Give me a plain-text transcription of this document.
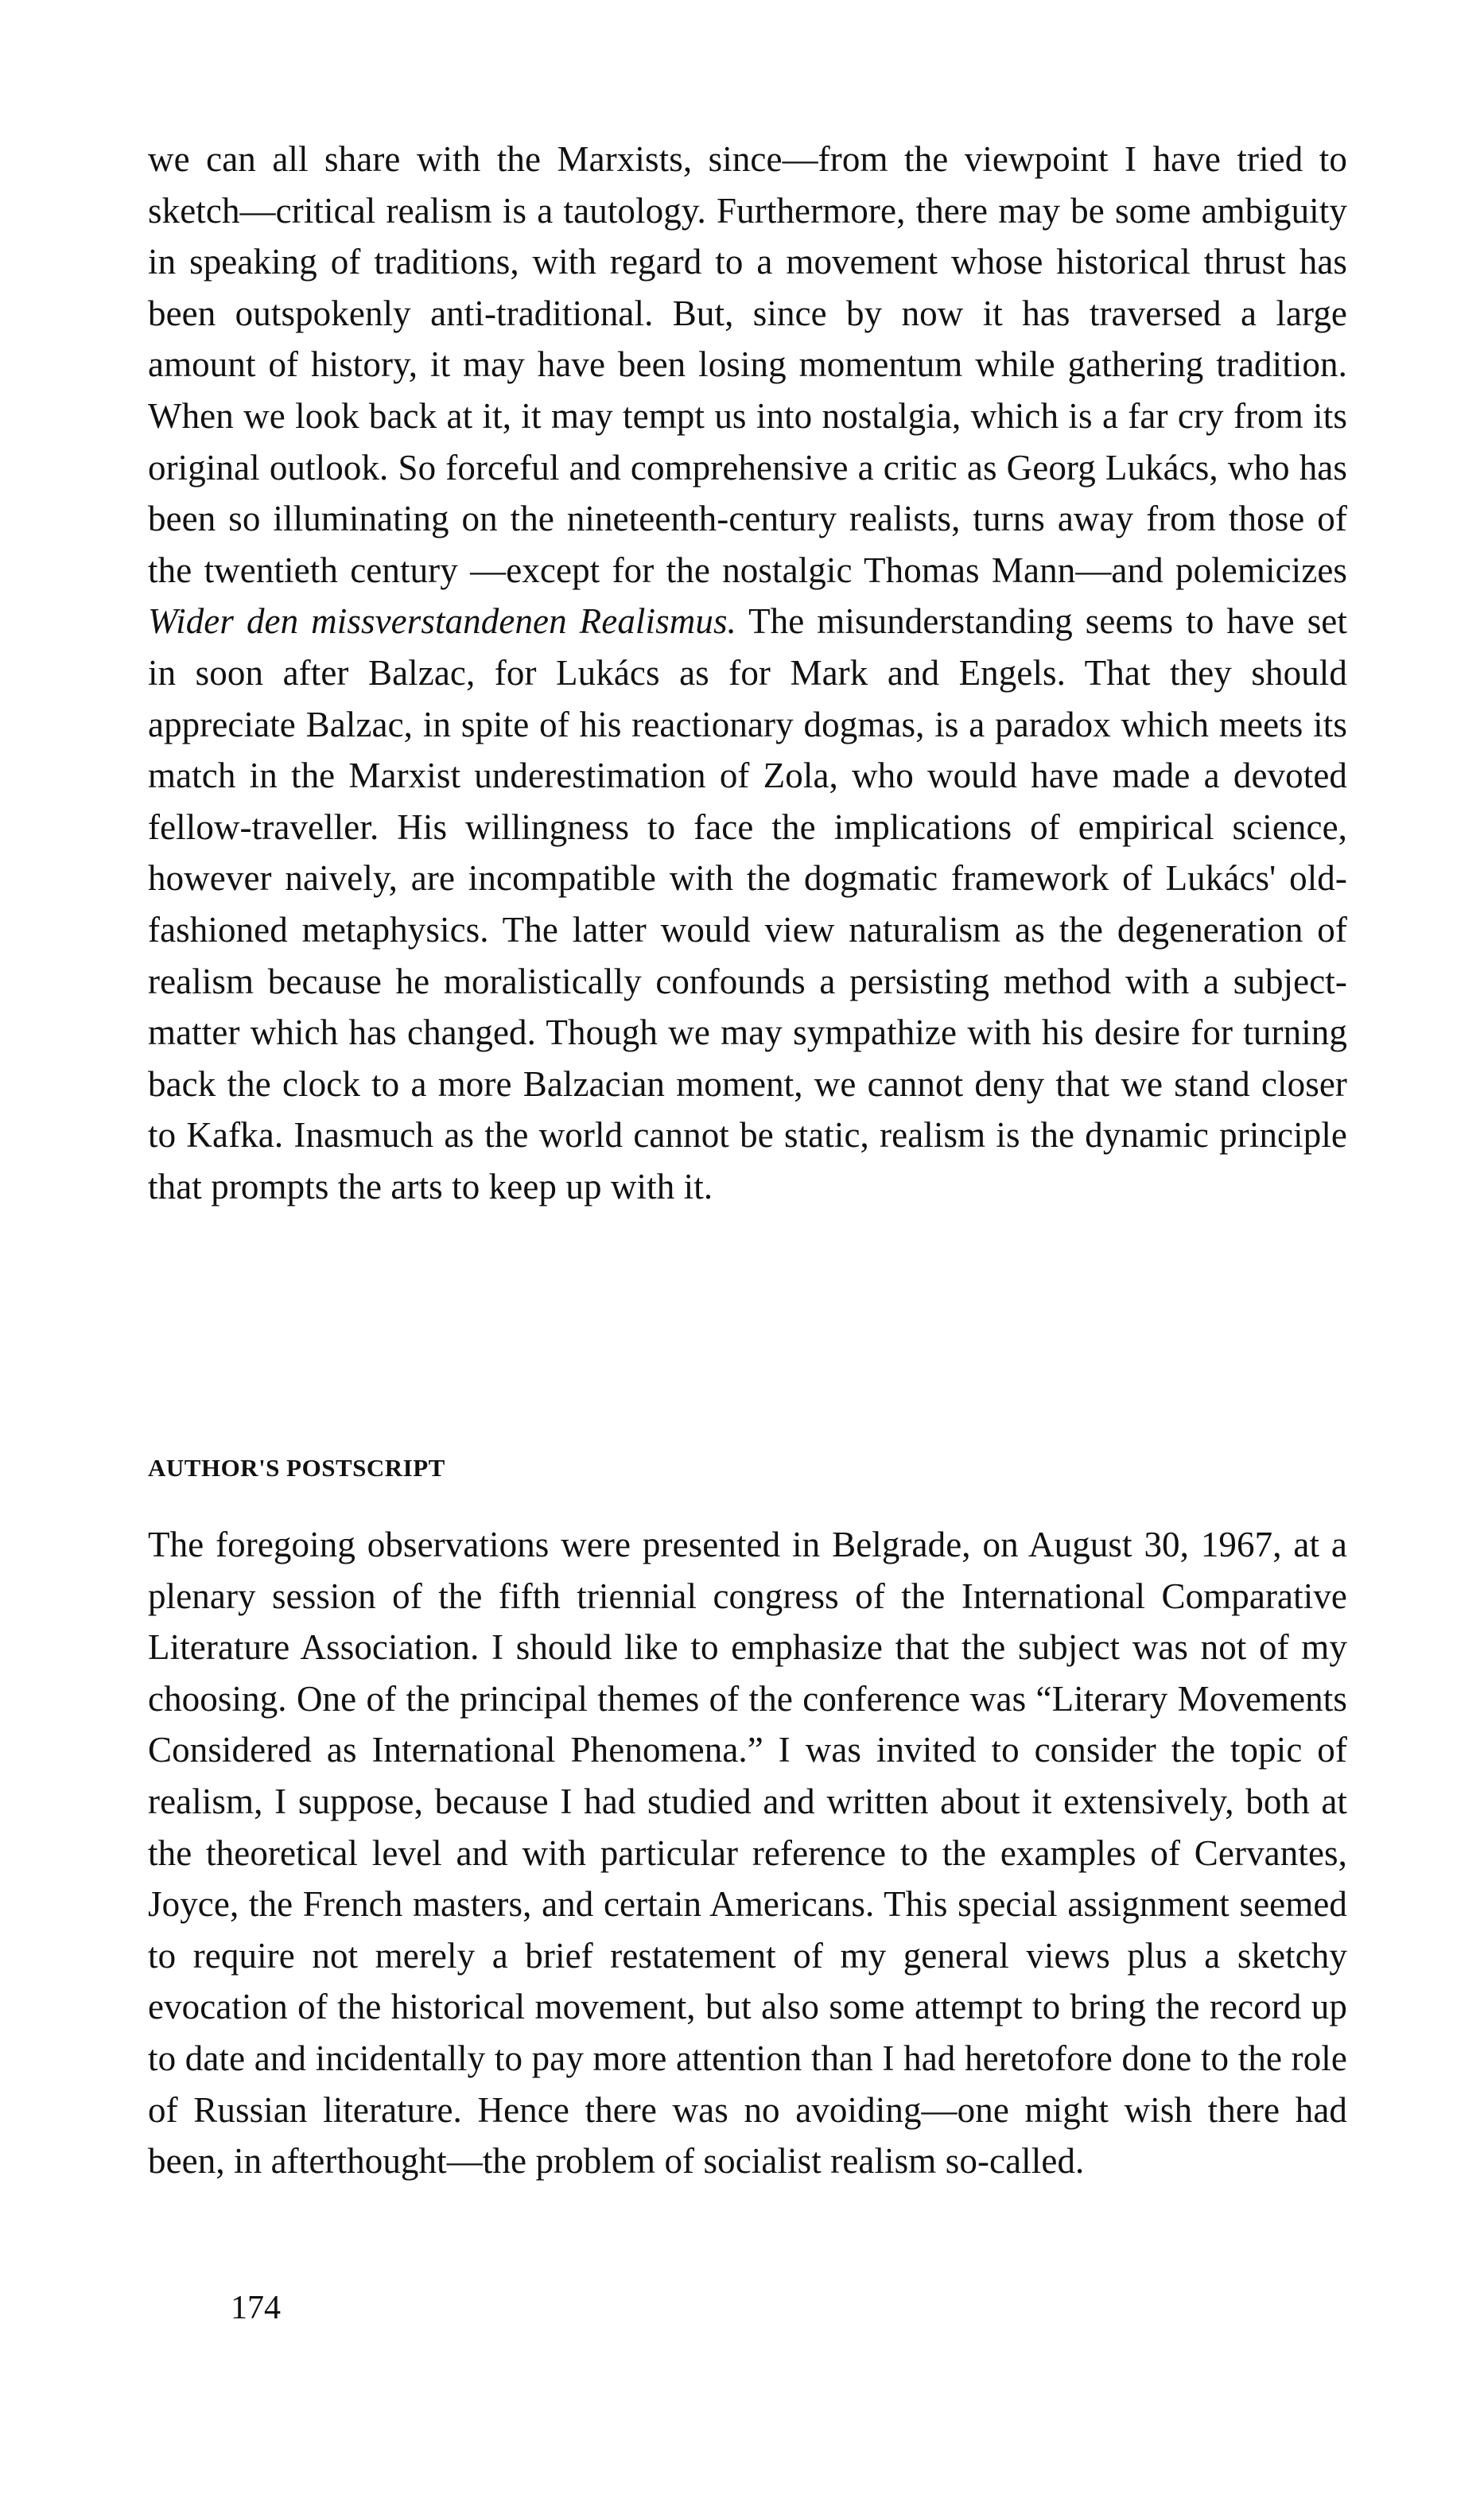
we can all share with the Marxists, since—from the viewpoint I have tried to sketch—critical realism is a tautology. Furthermore, there may be some ambiguity in speaking of traditions, with regard to a movement whose historical thrust has been outspokenly anti-traditional. But, since by now it has traversed a large amount of history, it may have been losing momentum while gathering tradition. When we look back at it, it may tempt us into nostalgia, which is a far cry from its original outlook. So forceful and comprehensive a critic as Georg Lukács, who has been so illuminating on the nineteenth-century realists, turns away from those of the twentieth century —except for the nostalgic Thomas Mann—and polemicizes Wider den missverstandenen Realismus. The misunderstanding seems to have set in soon after Balzac, for Lukács as for Mark and Engels. That they should appreciate Balzac, in spite of his reactionary dogmas, is a paradox which meets its match in the Marxist underestimation of Zola, who would have made a devoted fellow-traveller. His willingness to face the implications of empirical science, however naively, are incompatible with the dogmatic framework of Lukács' old-fashioned metaphysics. The latter would view naturalism as the degeneration of realism because he moralistically confounds a persisting method with a subject-matter which has changed. Though we may sympathize with his desire for turning back the clock to a more Balzacian moment, we cannot deny that we stand closer to Kafka. Inasmuch as the world cannot be static, realism is the dynamic principle that prompts the arts to keep up with it.

AUTHOR'S POSTSCRIPT

The foregoing observations were presented in Belgrade, on August 30, 1967, at a plenary session of the fifth triennial congress of the International Comparative Literature Association. I should like to emphasize that the subject was not of my choosing. One of the principal themes of the conference was “Literary Movements Considered as International Phenomena.” I was invited to consider the topic of realism, I suppose, because I had studied and written about it extensively, both at the theoretical level and with particular reference to the examples of Cervantes, Joyce, the French masters, and certain Americans. This special assignment seemed to require not merely a brief restatement of my general views plus a sketchy evocation of the historical movement, but also some attempt to bring the record up to date and incidentally to pay more attention than I had heretofore done to the role of Russian literature. Hence there was no avoiding—one might wish there had been, in afterthought—the problem of socialist realism so-called.

174
